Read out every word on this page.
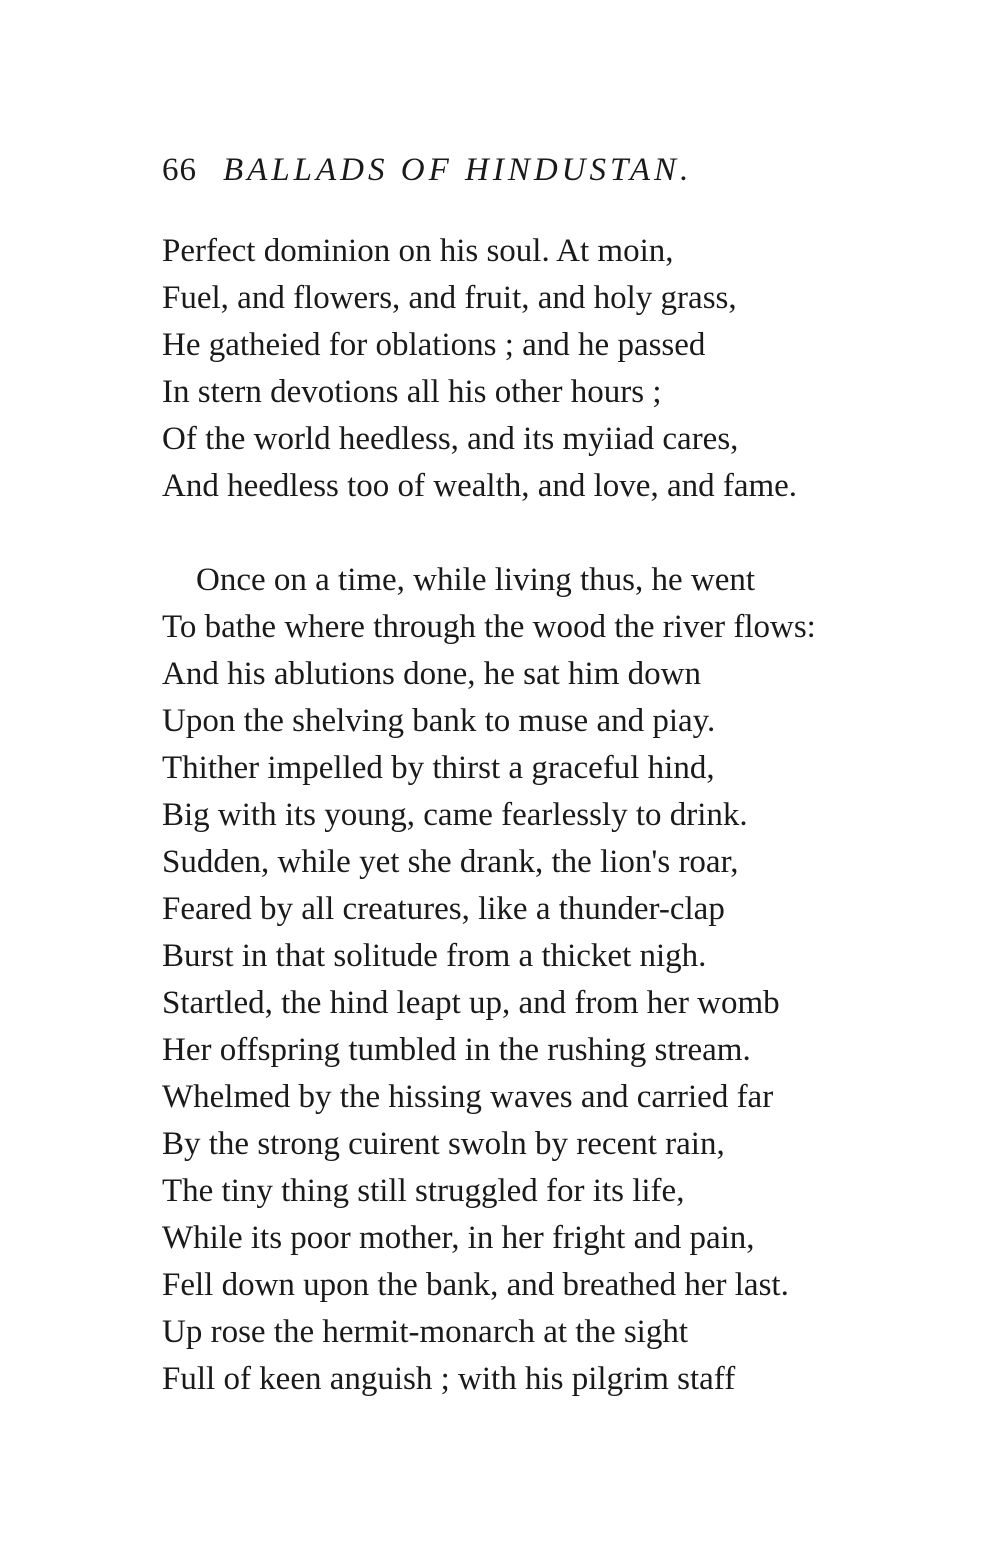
66 BALLADS OF HINDUSTAN.
Perfect dominion on his soul. At moin,
Fuel, and flowers, and fruit, and holy grass,
He gatheied for oblations ; and he passed
In stern devotions all his other hours ;
Of the world heedless, and its myiiad cares,
And heedless too of wealth, and love, and fame.
Once on a time, while living thus, he went
To bathe where through the wood the river flows:
And his ablutions done, he sat him down
Upon the shelving bank to muse and piay.
Thither impelled by thirst a graceful hind,
Big with its young, came fearlessly to drink.
Sudden, while yet she drank, the lion's roar,
Feared by all creatures, like a thunder-clap
Burst in that solitude from a thicket nigh.
Startled, the hind leapt up, and from her womb
Her offspring tumbled in the rushing stream.
Whelmed by the hissing waves and carried far
By the strong cuirent swoln by recent rain,
The tiny thing still struggled for its life,
While its poor mother, in her fright and pain,
Fell down upon the bank, and breathed her last.
Up rose the hermit-monarch at the sight
Full of keen anguish ; with his pilgrim staff
